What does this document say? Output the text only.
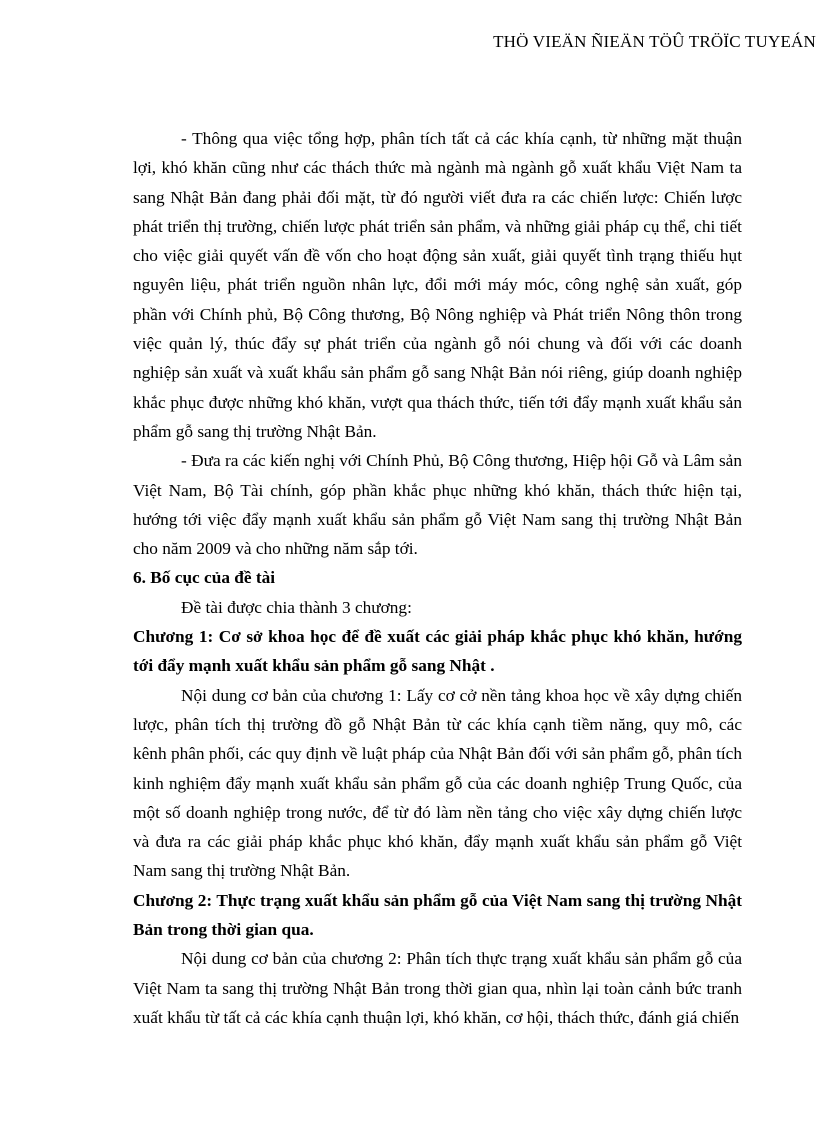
THÖ VIEÄN ÑIEÄN TÖÛ TRÖÏC TUYEÁN

- Thông qua việc tổng hợp, phân tích tất cả các khía cạnh, từ những mặt thuận lợi, khó khăn cũng như các thách thức mà ngành mà ngành gỗ xuất khẩu Việt Nam ta sang Nhật Bản đang phải đối mặt, từ đó người viết đưa ra các chiến lược: Chiến lược phát triển thị trường, chiến lược phát triển sản phẩm, và những giải pháp cụ thể, chi tiết cho việc giải quyết vấn đề vốn cho hoạt động sản xuất, giải quyết tình trạng thiếu hụt nguyên liệu, phát triển nguồn nhân lực, đổi mới máy móc, công nghệ sản xuất, góp phần với Chính phủ, Bộ Công thương, Bộ Nông nghiệp và Phát triển Nông thôn trong việc quản lý, thúc đẩy sự phát triển của ngành gỗ nói chung và đối với các doanh nghiệp sản xuất và xuất khẩu sản phẩm gỗ sang Nhật Bản nói riêng, giúp doanh nghiệp khắc phục được những khó khăn, vượt qua thách thức, tiến tới đẩy mạnh xuất khẩu sản phẩm gỗ sang thị trường Nhật Bản.

- Đưa ra các kiến nghị với Chính Phủ, Bộ Công thương, Hiệp hội Gỗ và Lâm sản Việt Nam, Bộ Tài chính, góp phần khắc phục những khó khăn, thách thức hiện tại, hướng tới việc đẩy mạnh xuất khẩu sản phẩm gỗ Việt Nam sang thị trường Nhật Bản cho năm 2009 và cho những năm sắp tới.

6. Bố cục của đề tài

Đề tài được chia thành 3 chương:

Chương 1: Cơ sở khoa học để đề xuất các giải pháp khắc phục khó khăn, hướng tới đẩy mạnh xuất khẩu sản phẩm gỗ sang Nhật .

Nội dung cơ bản của chương 1: Lấy cơ cở nền tảng khoa học về xây dựng chiến lược, phân tích thị trường đồ gỗ Nhật Bản từ các khía cạnh tiềm năng, quy mô, các kênh phân phối, các quy định về luật pháp của Nhật Bản đối với sản phẩm gỗ, phân tích kinh nghiệm đẩy mạnh xuất khẩu sản phẩm gỗ của các doanh nghiệp Trung Quốc, của một số doanh nghiệp trong nước, để từ đó làm nền tảng cho việc xây dựng chiến lược và đưa ra các giải pháp khắc phục khó khăn, đẩy mạnh xuất khẩu sản phẩm gỗ Việt Nam sang thị trường Nhật Bản.

Chương 2: Thực trạng xuất khẩu sản phẩm gỗ của Việt Nam sang thị trường Nhật Bản trong thời gian qua.

Nội dung cơ bản của chương 2: Phân tích thực trạng xuất khẩu sản phẩm gỗ của Việt Nam ta sang thị trường Nhật Bản trong thời gian qua, nhìn lại toàn cảnh bức tranh xuất khẩu từ tất cả các khía cạnh thuận lợi, khó khăn, cơ hội, thách thức, đánh giá chiến
